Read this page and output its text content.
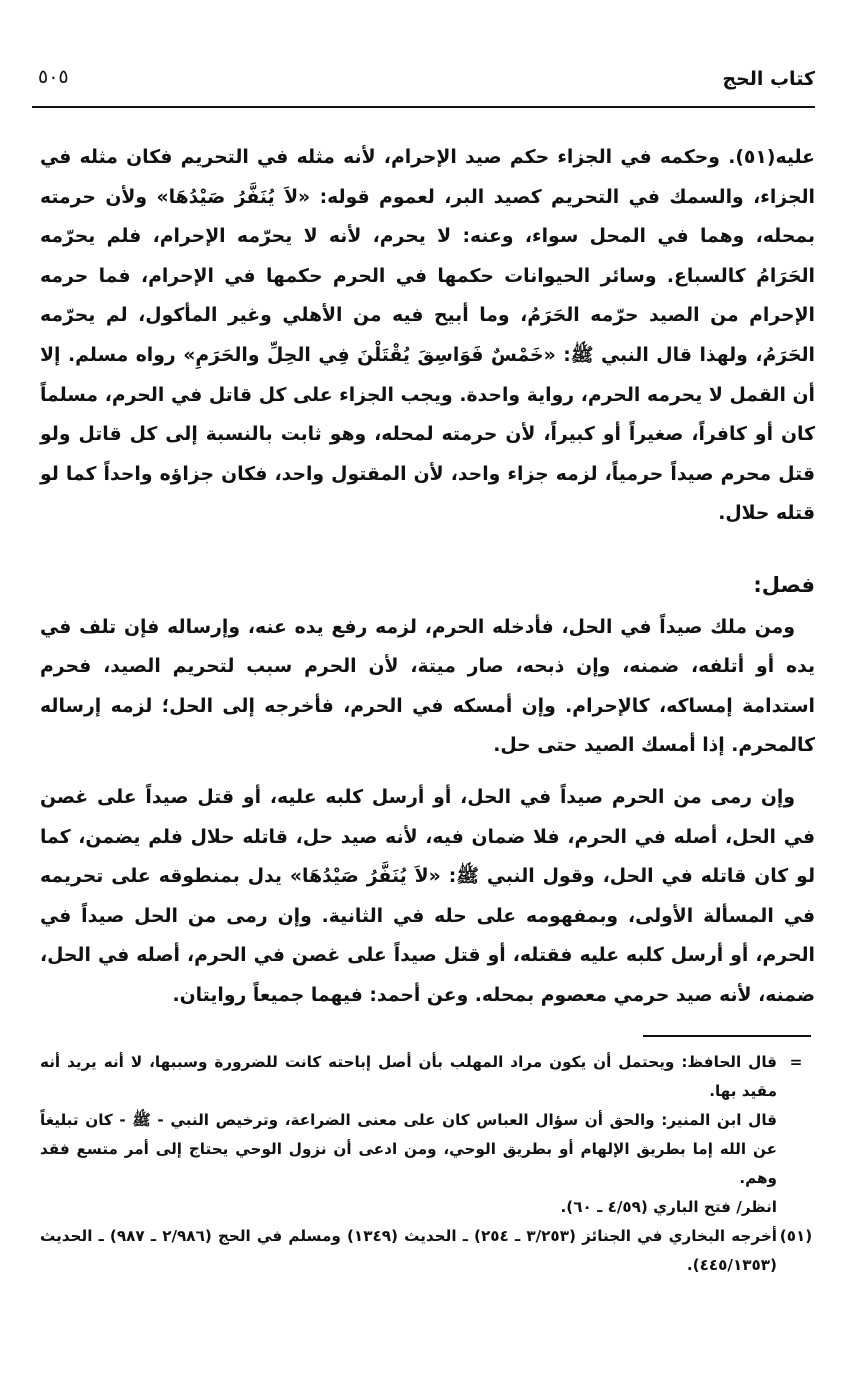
كتاب الحج
٥٠٥

عليه(٥١). وحكمه في الجزاء حكم صيد الإحرام، لأنه مثله في التحريم فكان مثله في الجزاء، والسمك في التحريم كصيد البر، لعموم قوله: «لاَ يُنَفَّرُ صَيْدُهَا» ولأن حرمته بمحله، وهما في المحل سواء، وعنه: لا يحرم، لأنه لا يحرّمه الإحرام، فلم يحرّمه الحَرَامُ كالسباع. وسائر الحيوانات حكمها في الحرم حكمها في الإحرام، فما حرمه الإحرام من الصيد حرّمه الحَرَمُ، وما أبيح فيه من الأهلي وغير المأكول، لم يحرّمه الحَرَمُ، ولهذا قال النبي ﷺ: «خَمْسٌ فَوَاسِقَ يُقْتَلْنَ فِي الحِلِّ والحَرَمِ» رواه مسلم. إلا أن القمل لا يحرمه الحرم، رواية واحدة. ويجب الجزاء على كل قاتل في الحرم، مسلماً كان أو كافراً، صغيراً أو كبيراً، لأن حرمته لمحله، وهو ثابت بالنسبة إلى كل قاتل ولو قتل محرم صيداً حرمياً، لزمه جزاء واحد، لأن المقتول واحد، فكان جزاؤه واحداً كما لو قتله حلال.

فصل:

ومن ملك صيداً في الحل، فأدخله الحرم، لزمه رفع يده عنه، وإرساله فإن تلف في يده أو أتلفه، ضمنه، وإن ذبحه، صار ميتة، لأن الحرم سبب لتحريم الصيد، فحرم استدامة إمساكه، كالإحرام. وإن أمسكه في الحرم، فأخرجه إلى الحل؛ لزمه إرساله كالمحرم. إذا أمسك الصيد حتى حل.

وإن رمى من الحرم صيداً في الحل، أو أرسل كلبه عليه، أو قتل صيداً على غصن في الحل، أصله في الحرم، فلا ضمان فيه، لأنه صيد حل، قاتله حلال فلم يضمن، كما لو كان قاتله في الحل، وقول النبي ﷺ: «لاَ يُنَفَّرُ صَيْدُهَا» يدل بمنطوقه على تحريمه في المسألة الأولى، وبمفهومه على حله في الثانية. وإن رمى من الحل صيداً في الحرم، أو أرسل كلبه عليه فقتله، أو قتل صيداً على غصن في الحرم، أصله في الحل، ضمنه، لأنه صيد حرمي معصوم بمحله. وعن أحمد: فيهما جميعاً روايتان.

=

قال الحافظ: ويحتمل أن يكون مراد المهلب بأن أصل إباحته كانت للضرورة وسببها، لا أنه يريد أنه مقيد بها.

قال ابن المنير: والحق أن سؤال العباس كان على معنى الضراعة، وترخيص النبي - ﷺ - كان تبليغاً عن الله إما بطريق الإلهام أو بطريق الوحي، ومن ادعى أن نزول الوحي يحتاج إلى أمر متسع فقد وهم.

انظر/ فتح الباري (٤/٥٩ ـ ٦٠).

(٥١)

أخرجه البخاري في الجنائز (٣/٢٥٣ ـ ٢٥٤) ـ الحديث (١٣٤٩) ومسلم في الحج (٢/٩٨٦ ـ ٩٨٧) ـ الحديث (٤٤٥/١٣٥٣).
